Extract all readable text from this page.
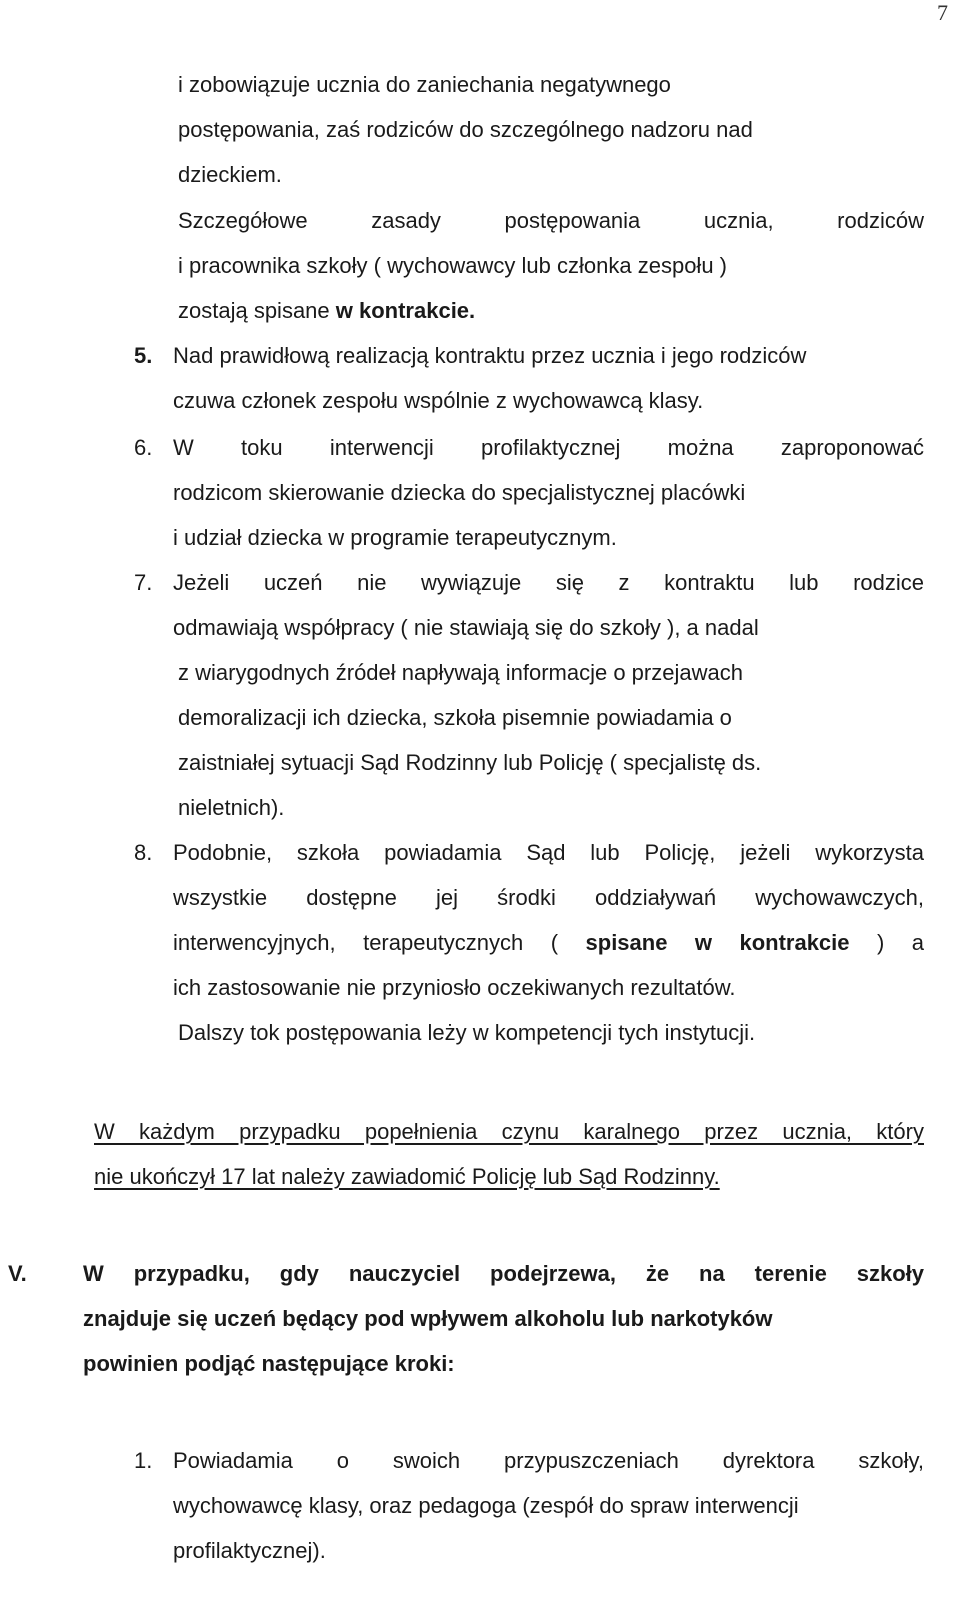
7
i zobowiązuje ucznia do zaniechania negatywnego
postępowania, zaś rodziców do szczególnego nadzoru nad
dzieckiem.
Szczegółowe zasady postępowania ucznia, rodziców
i pracownika szkoły ( wychowawcy lub członka zespołu )
zostają spisane w kontrakcie.
5. Nad prawidłową realizacją kontraktu przez ucznia i jego rodziców
czuwa członek zespołu wspólnie z wychowawcą klasy.
6. W toku interwencji profilaktycznej można zaproponować
rodzicom skierowanie dziecka do specjalistycznej placówki
i udział dziecka w programie terapeutycznym.
7. Jeżeli uczeń nie wywiązuje się z kontraktu lub rodzice
odmawiają współpracy ( nie stawiają się do szkoły ), a nadal
z wiarygodnych źródeł napływają informacje o przejawach
demoralizacji ich dziecka, szkoła pisemnie powiadamia o
zaistniałej sytuacji Sąd Rodzinny lub Policję ( specjalistę ds.
nieletnich).
8. Podobnie, szkoła powiadamia Sąd lub Policję, jeżeli wykorzysta
wszystkie dostępne jej środki oddziaływań wychowawczych,
interwencyjnych, terapeutycznych ( spisane w kontrakcie ) a
ich zastosowanie nie przyniosło oczekiwanych rezultatów.
Dalszy tok postępowania leży w kompetencji tych instytucji.
W każdym przypadku popełnienia czynu karalnego przez ucznia, który
nie ukończył 17 lat należy zawiadomić Policję lub Sąd Rodzinny.
V.	W przypadku, gdy nauczyciel podejrzewa, że na terenie szkoły
znajduje się uczeń będący pod wpływem alkoholu lub narkotyków
powinien podjąć następujące kroki:
1. Powiadamia o swoich przypuszczeniach dyrektora szkoły,
wychowawcę klasy, oraz pedagoga (zespół do spraw interwencji
profilaktycznej).
